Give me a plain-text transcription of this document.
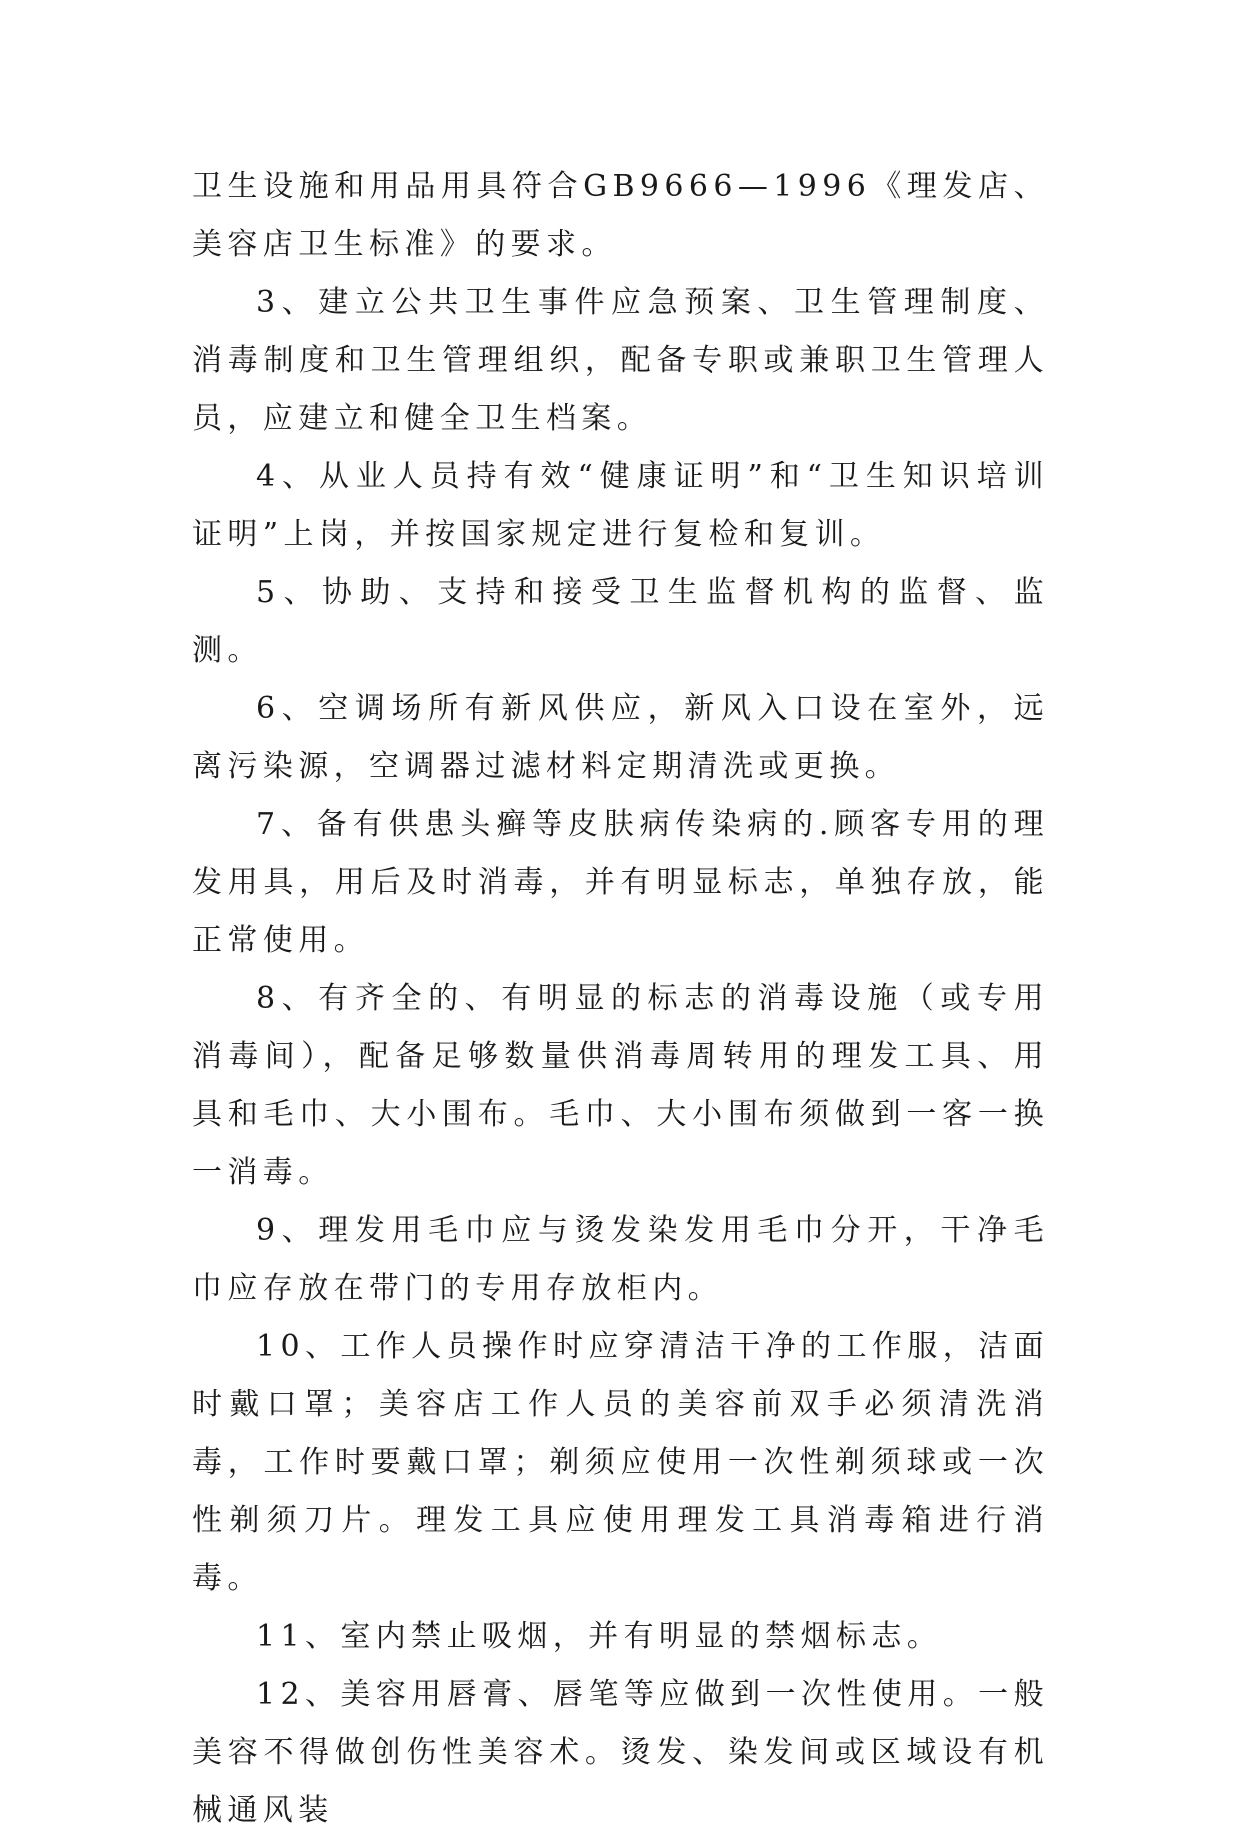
卫生设施和用品用具符合GB9666—1996《理发店、美容店卫生标准》的要求。

3、建立公共卫生事件应急预案、卫生管理制度、消毒制度和卫生管理组织，配备专职或兼职卫生管理人员，应建立和健全卫生档案。

4、从业人员持有效“健康证明”和“卫生知识培训证明”上岗，并按国家规定进行复检和复训。

5、协助、支持和接受卫生监督机构的监督、监测。

6、空调场所有新风供应，新风入口设在室外，远离污染源，空调器过滤材料定期清洗或更换。

7、备有供患头癣等皮肤病传染病的.顾客专用的理发用具，用后及时消毒，并有明显标志，单独存放，能正常使用。

8、有齐全的、有明显的标志的消毒设施（或专用消毒间），配备足够数量供消毒周转用的理发工具、用具和毛巾、大小围布。毛巾、大小围布须做到一客一换一消毒。

9、理发用毛巾应与烫发染发用毛巾分开，干净毛巾应存放在带门的专用存放柜内。

10、工作人员操作时应穿清洁干净的工作服，洁面时戴口罩；美容店工作人员的美容前双手必须清洗消毒，工作时要戴口罩；剃须应使用一次性剃须球或一次性剃须刀片。理发工具应使用理发工具消毒箱进行消毒。

11、室内禁止吸烟，并有明显的禁烟标志。

12、美容用唇膏、唇笔等应做到一次性使用。一般美容不得做创伤性美容术。烫发、染发间或区域设有机械通风装
